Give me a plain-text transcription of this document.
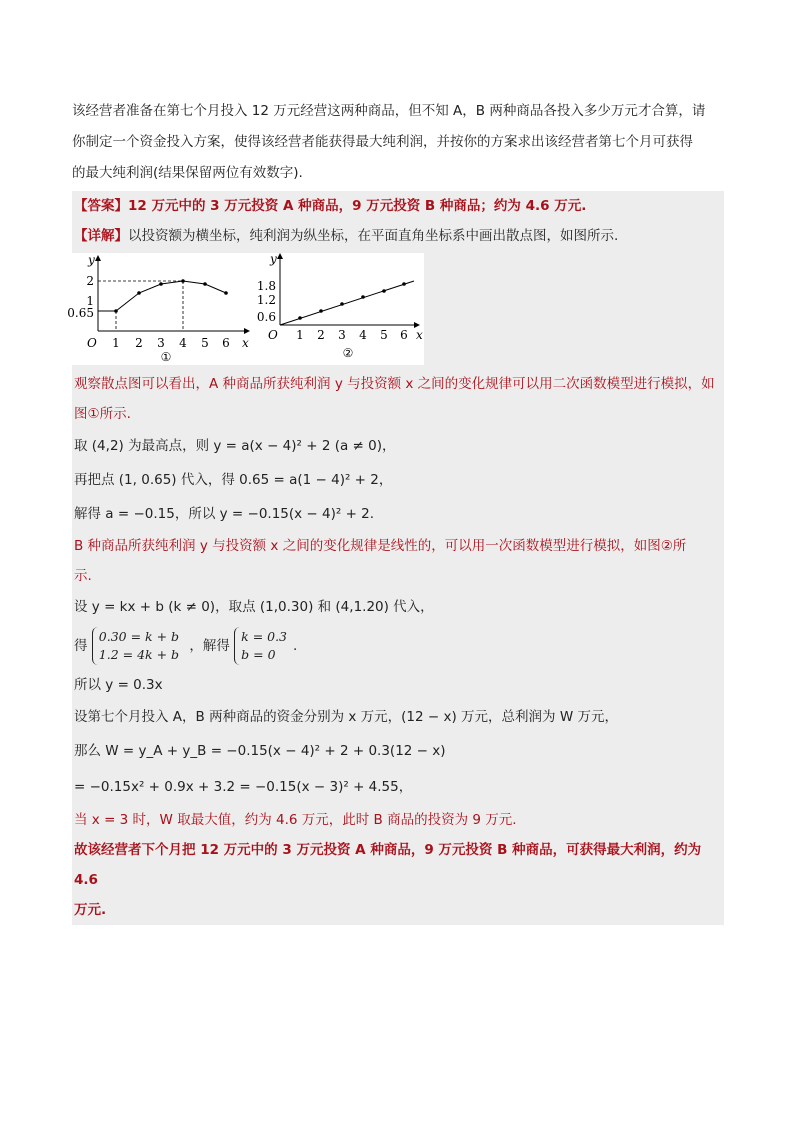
该经营者准备在第七个月投入 12 万元经营这两种商品，但不知 A，B 两种商品各投入多少万元才合算，请

你制定一个资金投入方案，使得该经营者能获得最大纯利润，并按你的方案求出该经营者第七个月可获得

的最大纯利润(结果保留两位有效数字).

【答案】12 万元中的 3 万元投资 A 种商品，9 万元投资 B 种商品；约为 4.6 万元.
【详解】以投资额为横坐标，纯利润为纵坐标，在平面直角坐标系中画出散点图，如图所示.
y
x
O 1 2 3 4 5 6
0.65
1
2
①
y
O 1 2 3 4 5 6 x
0.6
1.2
1.8
②
观察散点图可以看出，A 种商品所获纯利润 y 与投资额 x 之间的变化规律可以用二次函数模型进行模拟，如
图①所示.
取 (4,2) 为最高点，则 y = a(x − 4)² + 2 (a ≠ 0)，
再把点 (1, 0.65) 代入，得 0.65 = a(1 − 4)² + 2，
解得 a = −0.15，所以 y = −0.15(x − 4)² + 2.
B 种商品所获纯利润 y 与投资额 x 之间的变化规律是线性的，可以用一次函数模型进行模拟，如图②所
示.
设 y = kx + b (k ≠ 0)，取点 (1,0.30) 和 (4,1.20) 代入，
得 0.30 = k + b
1.2 = 4k + b ，解得 k = 0.3
b = 0.
所以 y = 0.3x
设第七个月投入 A，B 两种商品的资金分别为 x 万元，(12 − x) 万元，总利润为 W 万元，
那么 W = y_A + y_B = −0.15(x − 4)² + 2 + 0.3(12 − x)
= −0.15x² + 0.9x + 3.2 = −0.15(x − 3)² + 4.55，
当 x = 3 时，W 取最大值，约为 4.6 万元，此时 B 商品的投资为 9 万元.
故该经营者下个月把 12 万元中的 3 万元投资 A 种商品，9 万元投资 B 种商品，可获得最大利润，约为 4.6
万元.
